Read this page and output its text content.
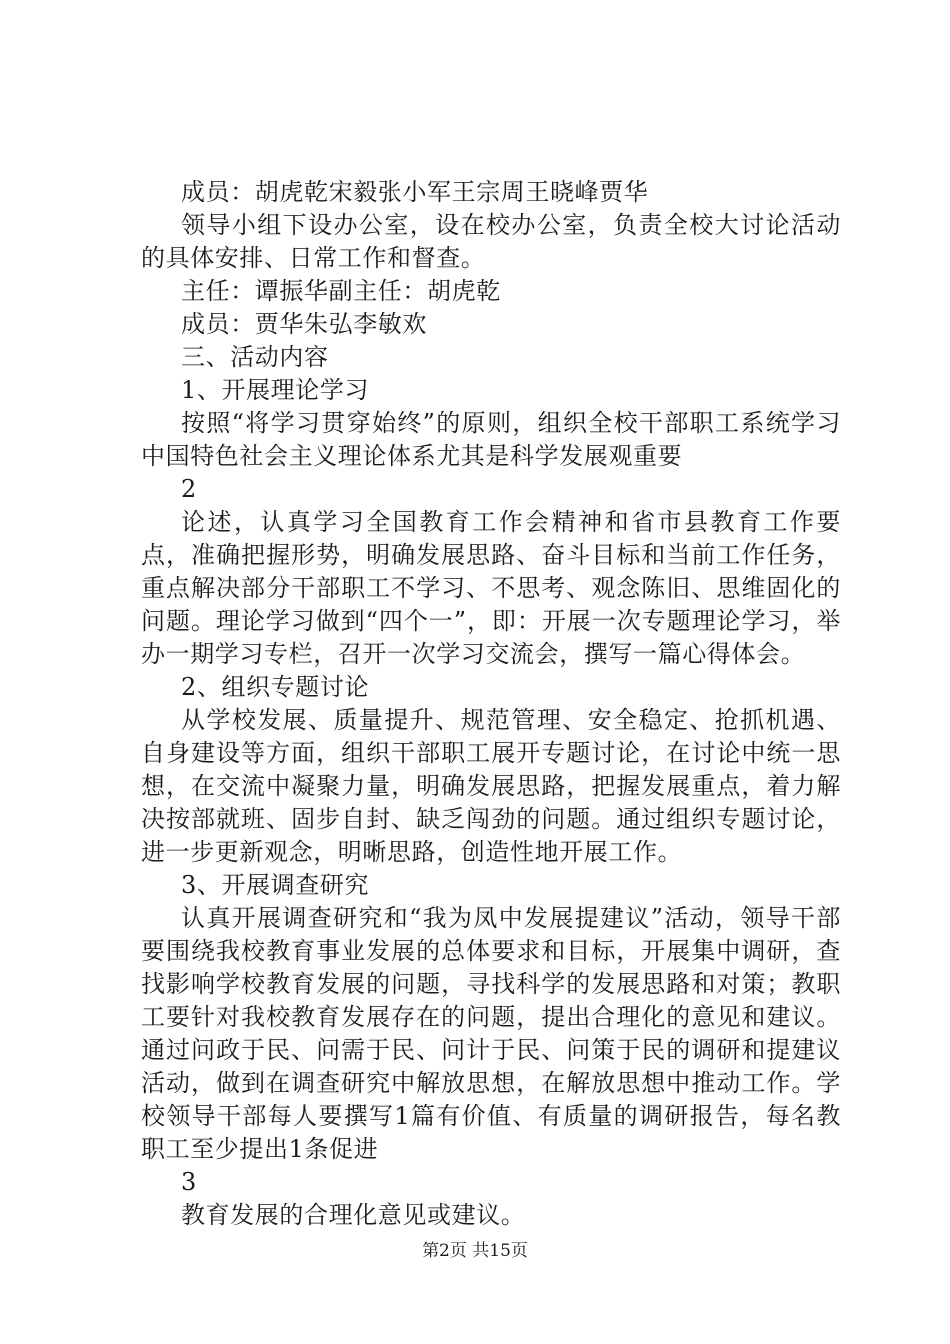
成员：胡虎乾宋毅张小军王宗周王晓峰贾华

领导小组下设办公室，设在校办公室，负责全校大讨论活动的具体安排、日常工作和督查。

主任：谭振华副主任：胡虎乾

成员：贾华朱弘李敏欢

三、活动内容

1、开展理论学习

按照“将学习贯穿始终”的原则，组织全校干部职工系统学习中国特色社会主义理论体系尤其是科学发展观重要

2

论述，认真学习全国教育工作会精神和省市县教育工作要点，准确把握形势，明确发展思路、奋斗目标和当前工作任务，重点解决部分干部职工不学习、不思考、观念陈旧、思维固化的问题。理论学习做到“四个一”，即：开展一次专题理论学习，举办一期学习专栏，召开一次学习交流会，撰写一篇心得体会。

2、组织专题讨论

从学校发展、质量提升、规范管理、安全稳定、抢抓机遇、自身建设等方面，组织干部职工展开专题讨论，在讨论中统一思想，在交流中凝聚力量，明确发展思路，把握发展重点，着力解决按部就班、固步自封、缺乏闯劲的问题。通过组织专题讨论，进一步更新观念，明晰思路，创造性地开展工作。

3、开展调查研究

认真开展调查研究和“我为凤中发展提建议”活动，领导干部要围绕我校教育事业发展的总体要求和目标，开展集中调研，查找影响学校教育发展的问题，寻找科学的发展思路和对策；教职工要针对我校教育发展存在的问题，提出合理化的意见和建议。通过问政于民、问需于民、问计于民、问策于民的调研和提建议活动，做到在调查研究中解放思想，在解放思想中推动工作。学校领导干部每人要撰写1篇有价值、有质量的调研报告，每名教职工至少提出1条促进

3

教育发展的合理化意见或建议。

第2页 共15页
